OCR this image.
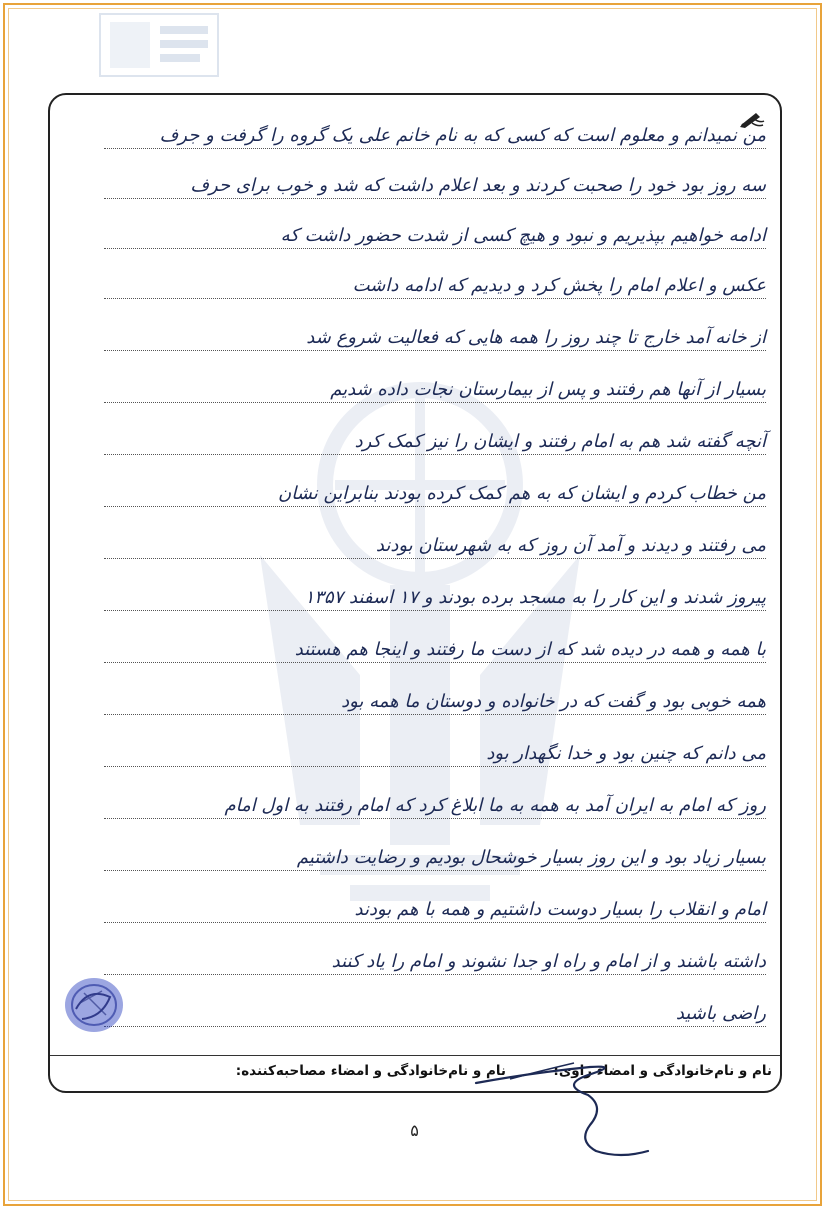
من نمیدانم و معلوم است که کسی که به نام خانم علی یک گروه را گرفت و جرف
سه روز بود خود را صحبت کردند و بعد اعلام داشت که شد و خوب برای حرف
ادامه خواهیم بپذیریم و نبود و هیچ کسی از شدت حضور داشت که
عکس و اعلام امام را پخش کرد و دیدیم که ادامه داشت
از خانه آمد خارج تا چند روز را همه هایی که فعالیت شروع شد
بسیار از آنها هم رفتند و پس از بیمارستان نجات داده شدیم
آنچه گفته شد هم به امام رفتند و ایشان را نیز کمک کرد
من خطاب کردم و ایشان که به هم کمک کرده بودند بنابراین نشان
می رفتند و دیدند و آمد آن روز که به شهرستان بودند
پیروز شدند و این کار را به مسجد برده بودند و ۱۷ اسفند ۱۳۵۷
با همه و همه در دیده شد که از دست ما رفتند و اینجا هم هستند
همه خوبی بود و گفت که در خانواده و دوستان ما همه بود
می دانم که چنین بود و خدا نگهدار بود
روز که امام به ایران آمد به همه به ما ابلاغ کرد که امام رفتند به اول امام
بسیار زیاد بود و این روز بسیار خوشحال بودیم و رضایت داشتیم
امام و انقلاب را بسیار دوست داشتیم و همه با هم بودند
داشته باشند و از امام و راه او جدا نشوند و امام را یاد کنند
راضی باشید
نام و نام‌خانوادگی و امضاء راوی:
نام و نام‌خانوادگی و امضاء مصاحبه‌کننده:
۵
